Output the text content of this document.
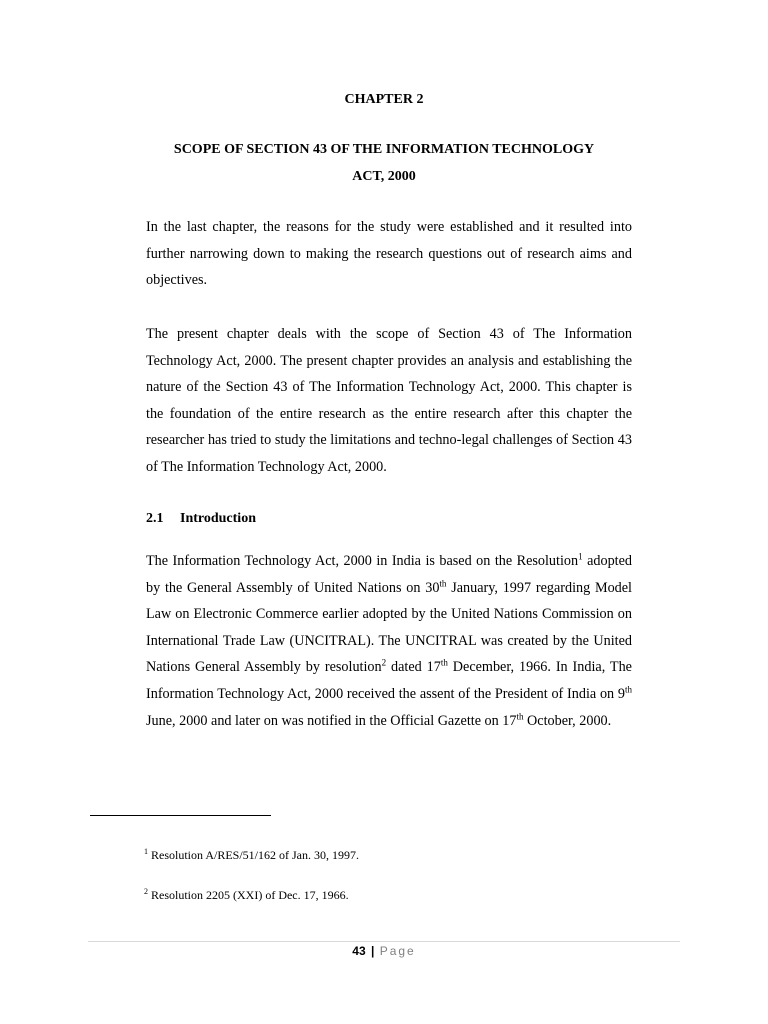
CHAPTER 2
SCOPE OF SECTION 43 OF THE INFORMATION TECHNOLOGY
ACT, 2000

In the last chapter, the reasons for the study were established and it resulted into further narrowing down to making the research questions out of research aims and objectives.

The present chapter deals with the scope of Section 43 of The Information Technology Act, 2000. The present chapter provides an analysis and establishing the nature of the Section 43 of The Information Technology Act, 2000. This chapter is the foundation of the entire research as the entire research after this chapter the researcher has tried to study the limitations and techno-legal challenges of Section 43 of The Information Technology Act, 2000.

2.1 Introduction

The Information Technology Act, 2000 in India is based on the Resolution$^1$ adopted by the General Assembly of United Nations on 30th January, 1997 regarding Model Law on Electronic Commerce earlier adopted by the United Nations Commission on International Trade Law (UNCITRAL). The UNCITRAL was created by the United Nations General Assembly by resolution$^2$ dated 17th December, 1966. In India, The Information Technology Act, 2000 received the assent of the President of India on 9th June, 2000 and later on was notified in the Official Gazette on 17th October, 2000.

$^1$ Resolution A/RES/51/162 of Jan. 30, 1997.
$^2$ Resolution 2205 (XXI) of Dec. 17, 1966.
43 | Page
